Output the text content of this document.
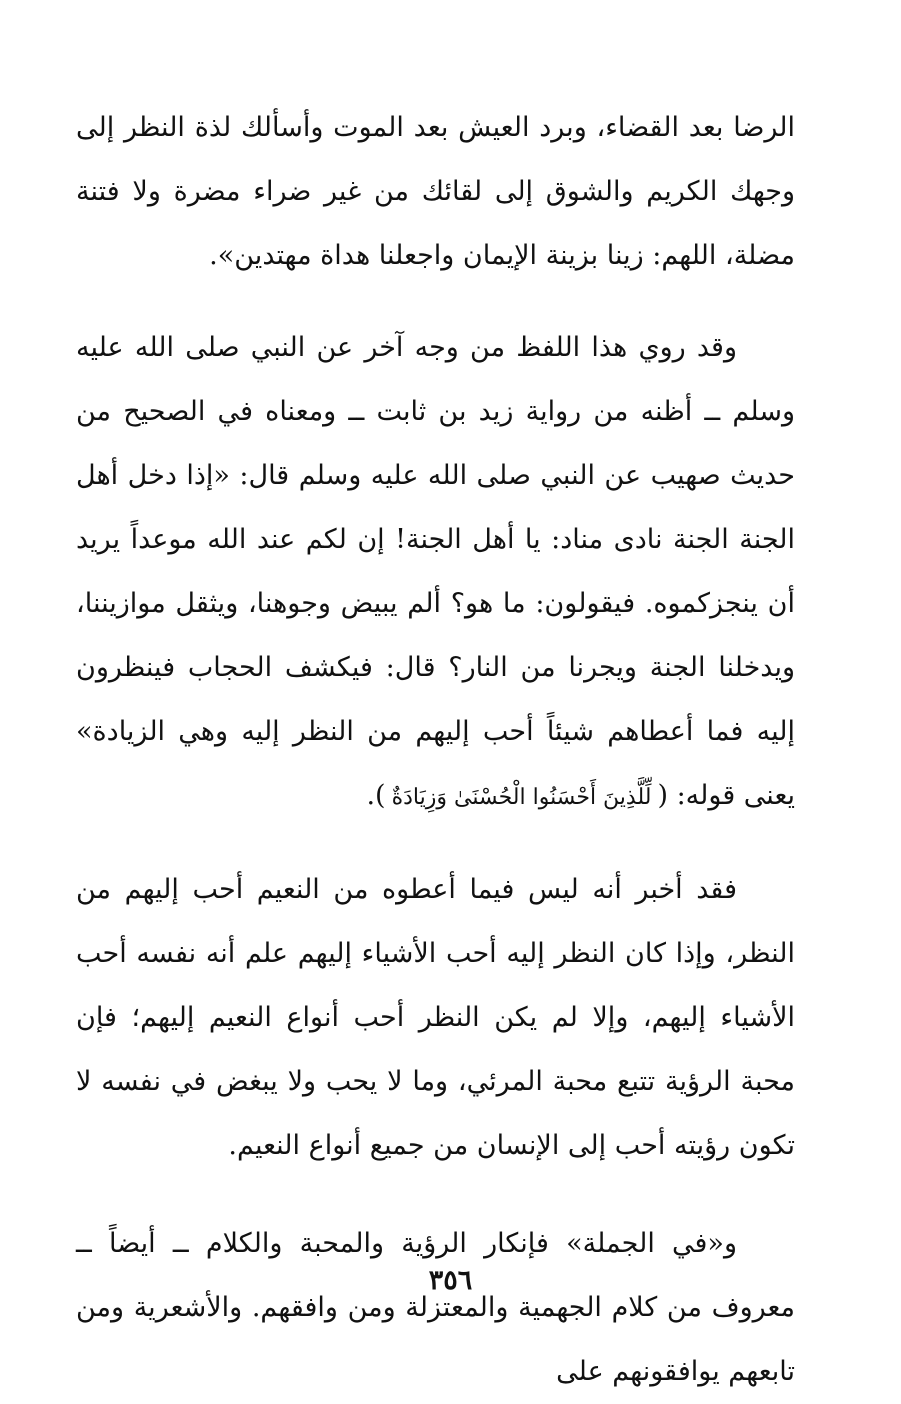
الرضا بعد القضاء، وبرد العيش بعد الموت وأسألك لذة النظر إلى وجهك الكريم والشوق إلى لقائك من غير ضراء مضرة ولا فتنة مضلة، اللهم: زينا بزينة الإيمان واجعلنا هداة مهتدين».

وقد روي هذا اللفظ من وجه آخر عن النبي صلى الله عليه وسلم ــ أظنه من رواية زيد بن ثابت ــ ومعناه في الصحيح من حديث صهيب عن النبي صلى الله عليه وسلم قال: «إذا دخل أهل الجنة الجنة نادى مناد: يا أهل الجنة! إن لكم عند الله موعداً يريد أن ينجزكموه. فيقولون: ما هو؟ ألم يبيض وجوهنا، ويثقل موازيننا، ويدخلنا الجنة ويجرنا من النار؟ قال: فيكشف الحجاب فينظرون إليه فما أعطاهم شيئاً أحب إليهم من النظر إليه وهي الزيادة» يعنى قوله: (لِّلَّذِينَ أَحْسَنُوا الْحُسْنَىٰ وَزِيَادَةٌ).

فقد أخبر أنه ليس فيما أعطوه من النعيم أحب إليهم من النظر، وإذا كان النظر إليه أحب الأشياء إليهم علم أنه نفسه أحب الأشياء إليهم، وإلا لم يكن النظر أحب أنواع النعيم إليهم؛ فإن محبة الرؤية تتبع محبة المرئي، وما لا يحب ولا يبغض في نفسه لا تكون رؤيته أحب إلى الإنسان من جميع أنواع النعيم.

و«في الجملة» فإنكار الرؤية والمحبة والكلام ــ أيضاً ــ معروف من كلام الجهمية والمعتزلة ومن وافقهم. والأشعرية ومن تابعهم يوافقونهم على

٣٥٦
